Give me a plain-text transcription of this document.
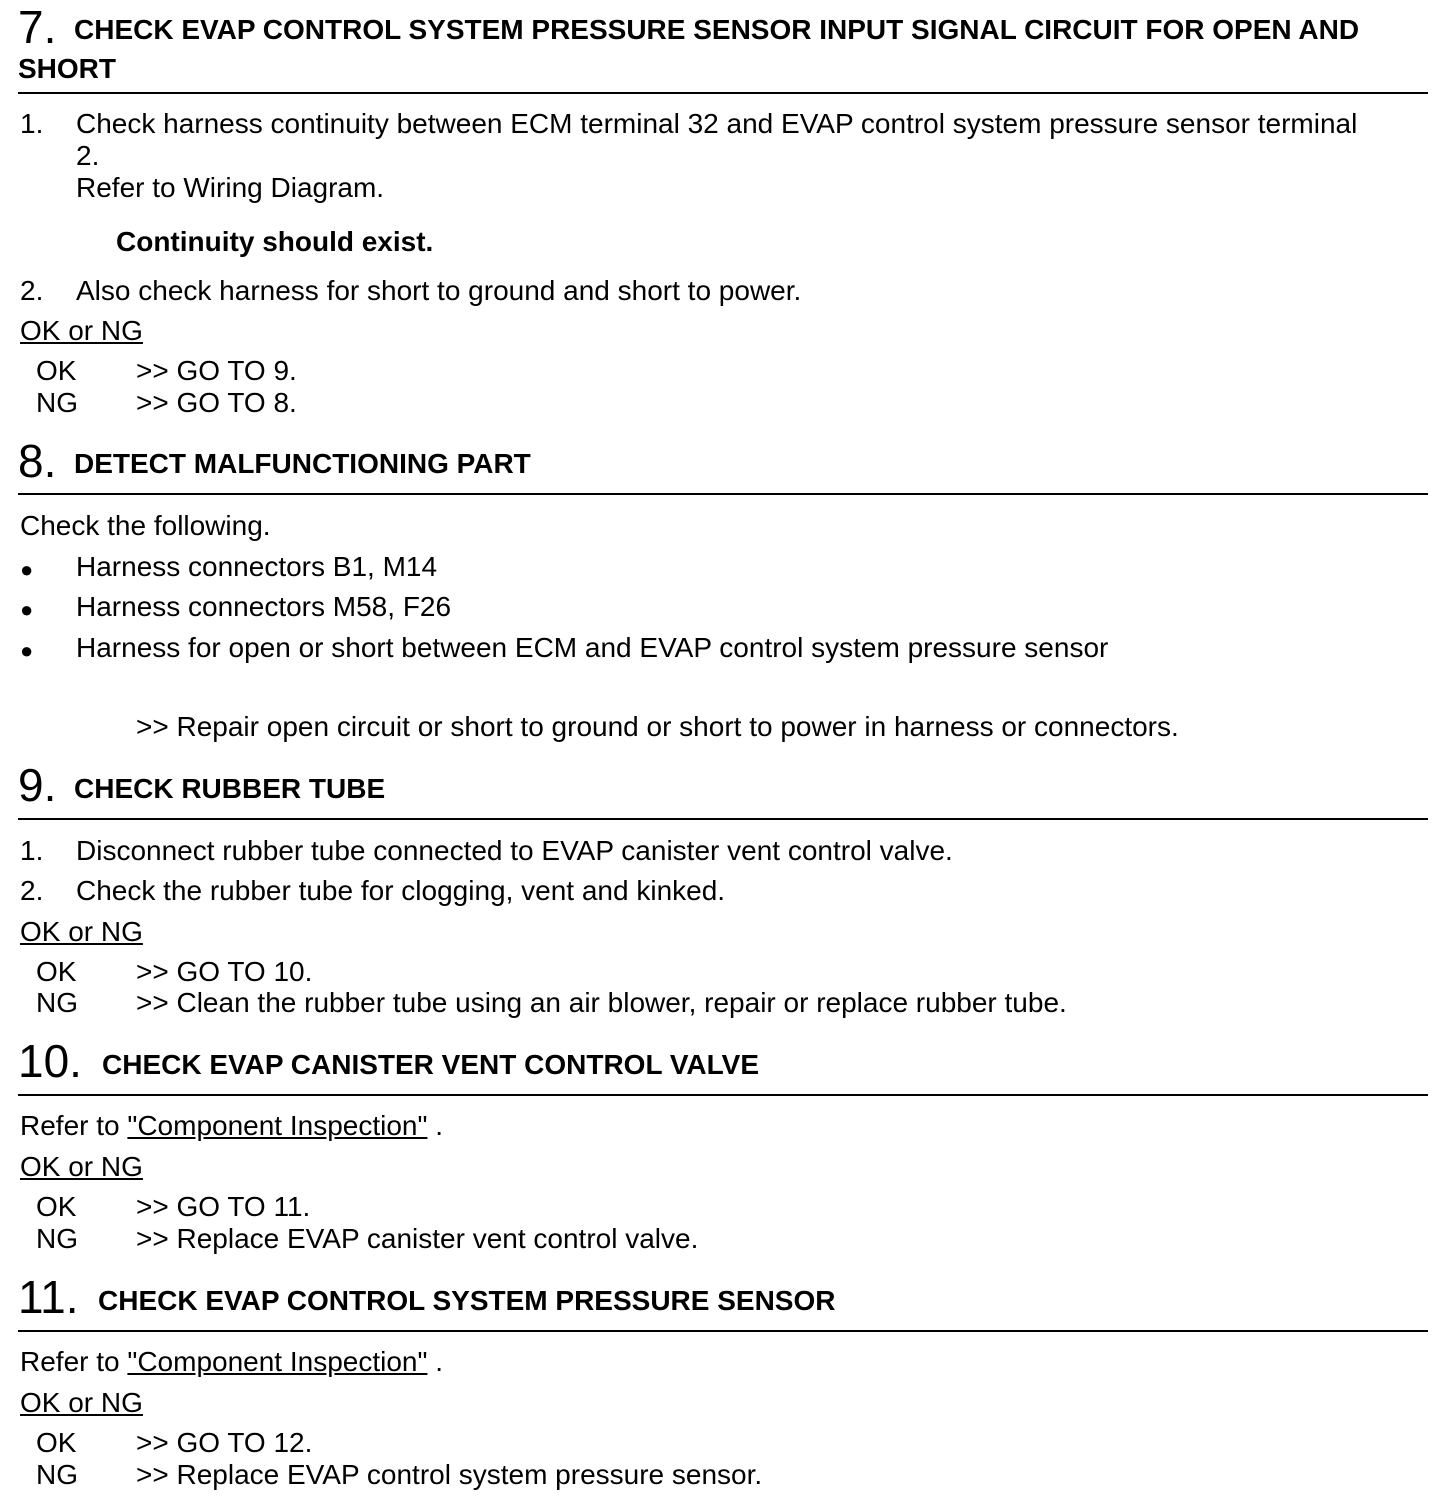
7. CHECK EVAP CONTROL SYSTEM PRESSURE SENSOR INPUT SIGNAL CIRCUIT FOR OPEN AND
SHORT
1. Check harness continuity between ECM terminal 32 and EVAP control system pressure sensor terminal
2.
Refer to Wiring Diagram.
Continuity should exist.
2. Also check harness for short to ground and short to power.
OK or NG
OK >> GO TO 9.
NG >> GO TO 8.
8. DETECT MALFUNCTIONING PART
Check the following.
● Harness connectors B1, M14
● Harness connectors M58, F26
● Harness for open or short between ECM and EVAP control system pressure sensor
>> Repair open circuit or short to ground or short to power in harness or connectors.
9. CHECK RUBBER TUBE
1. Disconnect rubber tube connected to EVAP canister vent control valve.
2. Check the rubber tube for clogging, vent and kinked.
OK or NG
OK >> GO TO 10.
NG >> Clean the rubber tube using an air blower, repair or replace rubber tube.
10. CHECK EVAP CANISTER VENT CONTROL VALVE
Refer to "Component Inspection" .
OK or NG
OK >> GO TO 11.
NG >> Replace EVAP canister vent control valve.
11. CHECK EVAP CONTROL SYSTEM PRESSURE SENSOR
Refer to "Component Inspection" .
OK or NG
OK >> GO TO 12.
NG >> Replace EVAP control system pressure sensor.
